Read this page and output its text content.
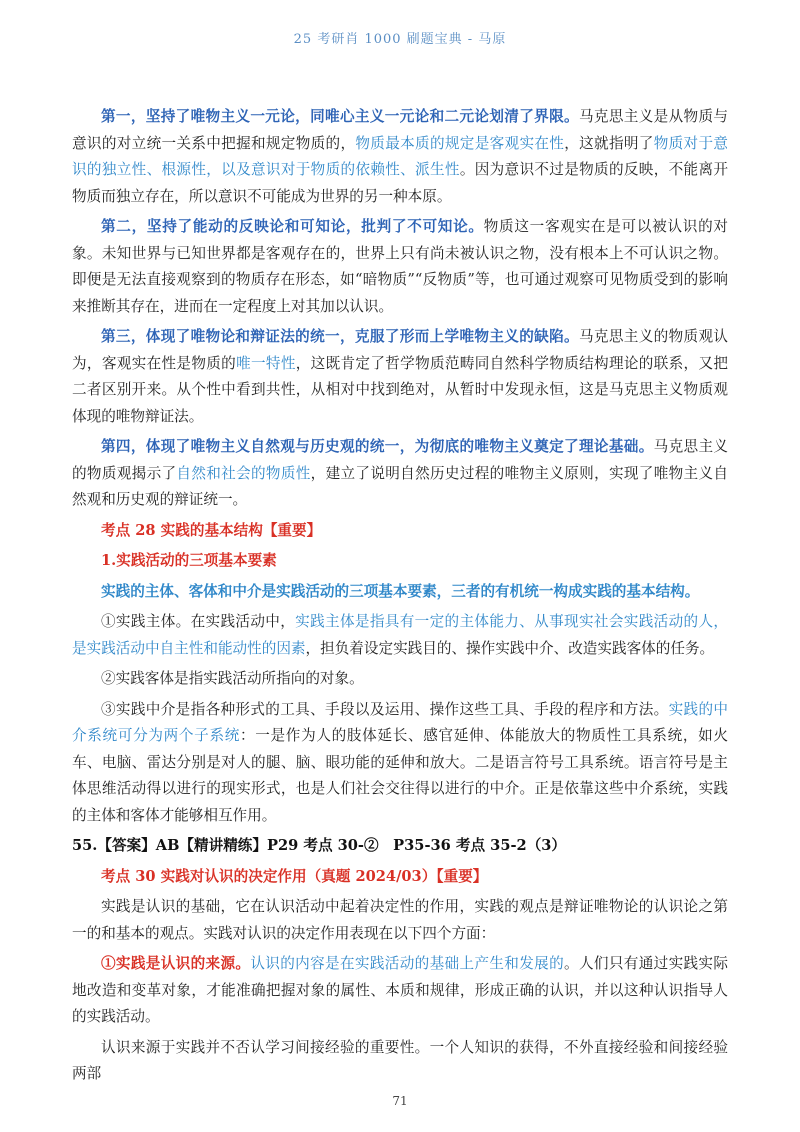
25 考研肖 1000 刷题宝典 - 马原

第一，坚持了唯物主义一元论，同唯心主义一元论和二元论划清了界限。马克思主义是从物质与意识的对立统一关系中把握和规定物质的，物质最本质的规定是客观实在性，这就指明了物质对于意识的独立性、根源性，以及意识对于物质的依赖性、派生性。因为意识不过是物质的反映，不能离开物质而独立存在，所以意识不可能成为世界的另一种本原。

第二，坚持了能动的反映论和可知论，批判了不可知论。物质这一客观实在是可以被认识的对象。未知世界与已知世界都是客观存在的，世界上只有尚未被认识之物，没有根本上不可认识之物。即便是无法直接观察到的物质存在形态，如“暗物质”“反物质”等，也可通过观察可见物质受到的影响来推断其存在，进而在一定程度上对其加以认识。

第三，体现了唯物论和辩证法的统一，克服了形而上学唯物主义的缺陷。马克思主义的物质观认为，客观实在性是物质的唯一特性，这既肯定了哲学物质范畴同自然科学物质结构理论的联系，又把二者区别开来。从个性中看到共性，从相对中找到绝对，从暂时中发现永恒，这是马克思主义物质观体现的唯物辩证法。

第四，体现了唯物主义自然观与历史观的统一，为彻底的唯物主义奠定了理论基础。马克思主义的物质观揭示了自然和社会的物质性，建立了说明自然历史过程的唯物主义原则，实现了唯物主义自然观和历史观的辩证统一。

考点 28 实践的基本结构【重要】

1.实践活动的三项基本要素

实践的主体、客体和中介是实践活动的三项基本要素，三者的有机统一构成实践的基本结构。

①实践主体。在实践活动中，实践主体是指具有一定的主体能力、从事现实社会实践活动的人，是实践活动中自主性和能动性的因素，担负着设定实践目的、操作实践中介、改造实践客体的任务。

②实践客体是指实践活动所指向的对象。

③实践中介是指各种形式的工具、手段以及运用、操作这些工具、手段的程序和方法。实践的中介系统可分为两个子系统：一是作为人的肢体延长、感官延伸、体能放大的物质性工具系统，如火车、电脑、雷达分别是对人的腿、脑、眼功能的延伸和放大。二是语言符号工具系统。语言符号是主体思维活动得以进行的现实形式，也是人们社会交往得以进行的中介。正是依靠这些中介系统，实践的主体和客体才能够相互作用。

55.【答案】AB【精讲精练】P29 考点 30-②　P35-36 考点 35-2（3）

考点 30 实践对认识的决定作用（真题 2024/03）【重要】

实践是认识的基础，它在认识活动中起着决定性的作用，实践的观点是辩证唯物论的认识论之第一的和基本的观点。实践对认识的决定作用表现在以下四个方面：

①实践是认识的来源。认识的内容是在实践活动的基础上产生和发展的。人们只有通过实践实际地改造和变革对象，才能准确把握对象的属性、本质和规律，形成正确的认识，并以这种认识指导人的实践活动。

认识来源于实践并不否认学习间接经验的重要性。一个人知识的获得，不外直接经验和间接经验两部

71
